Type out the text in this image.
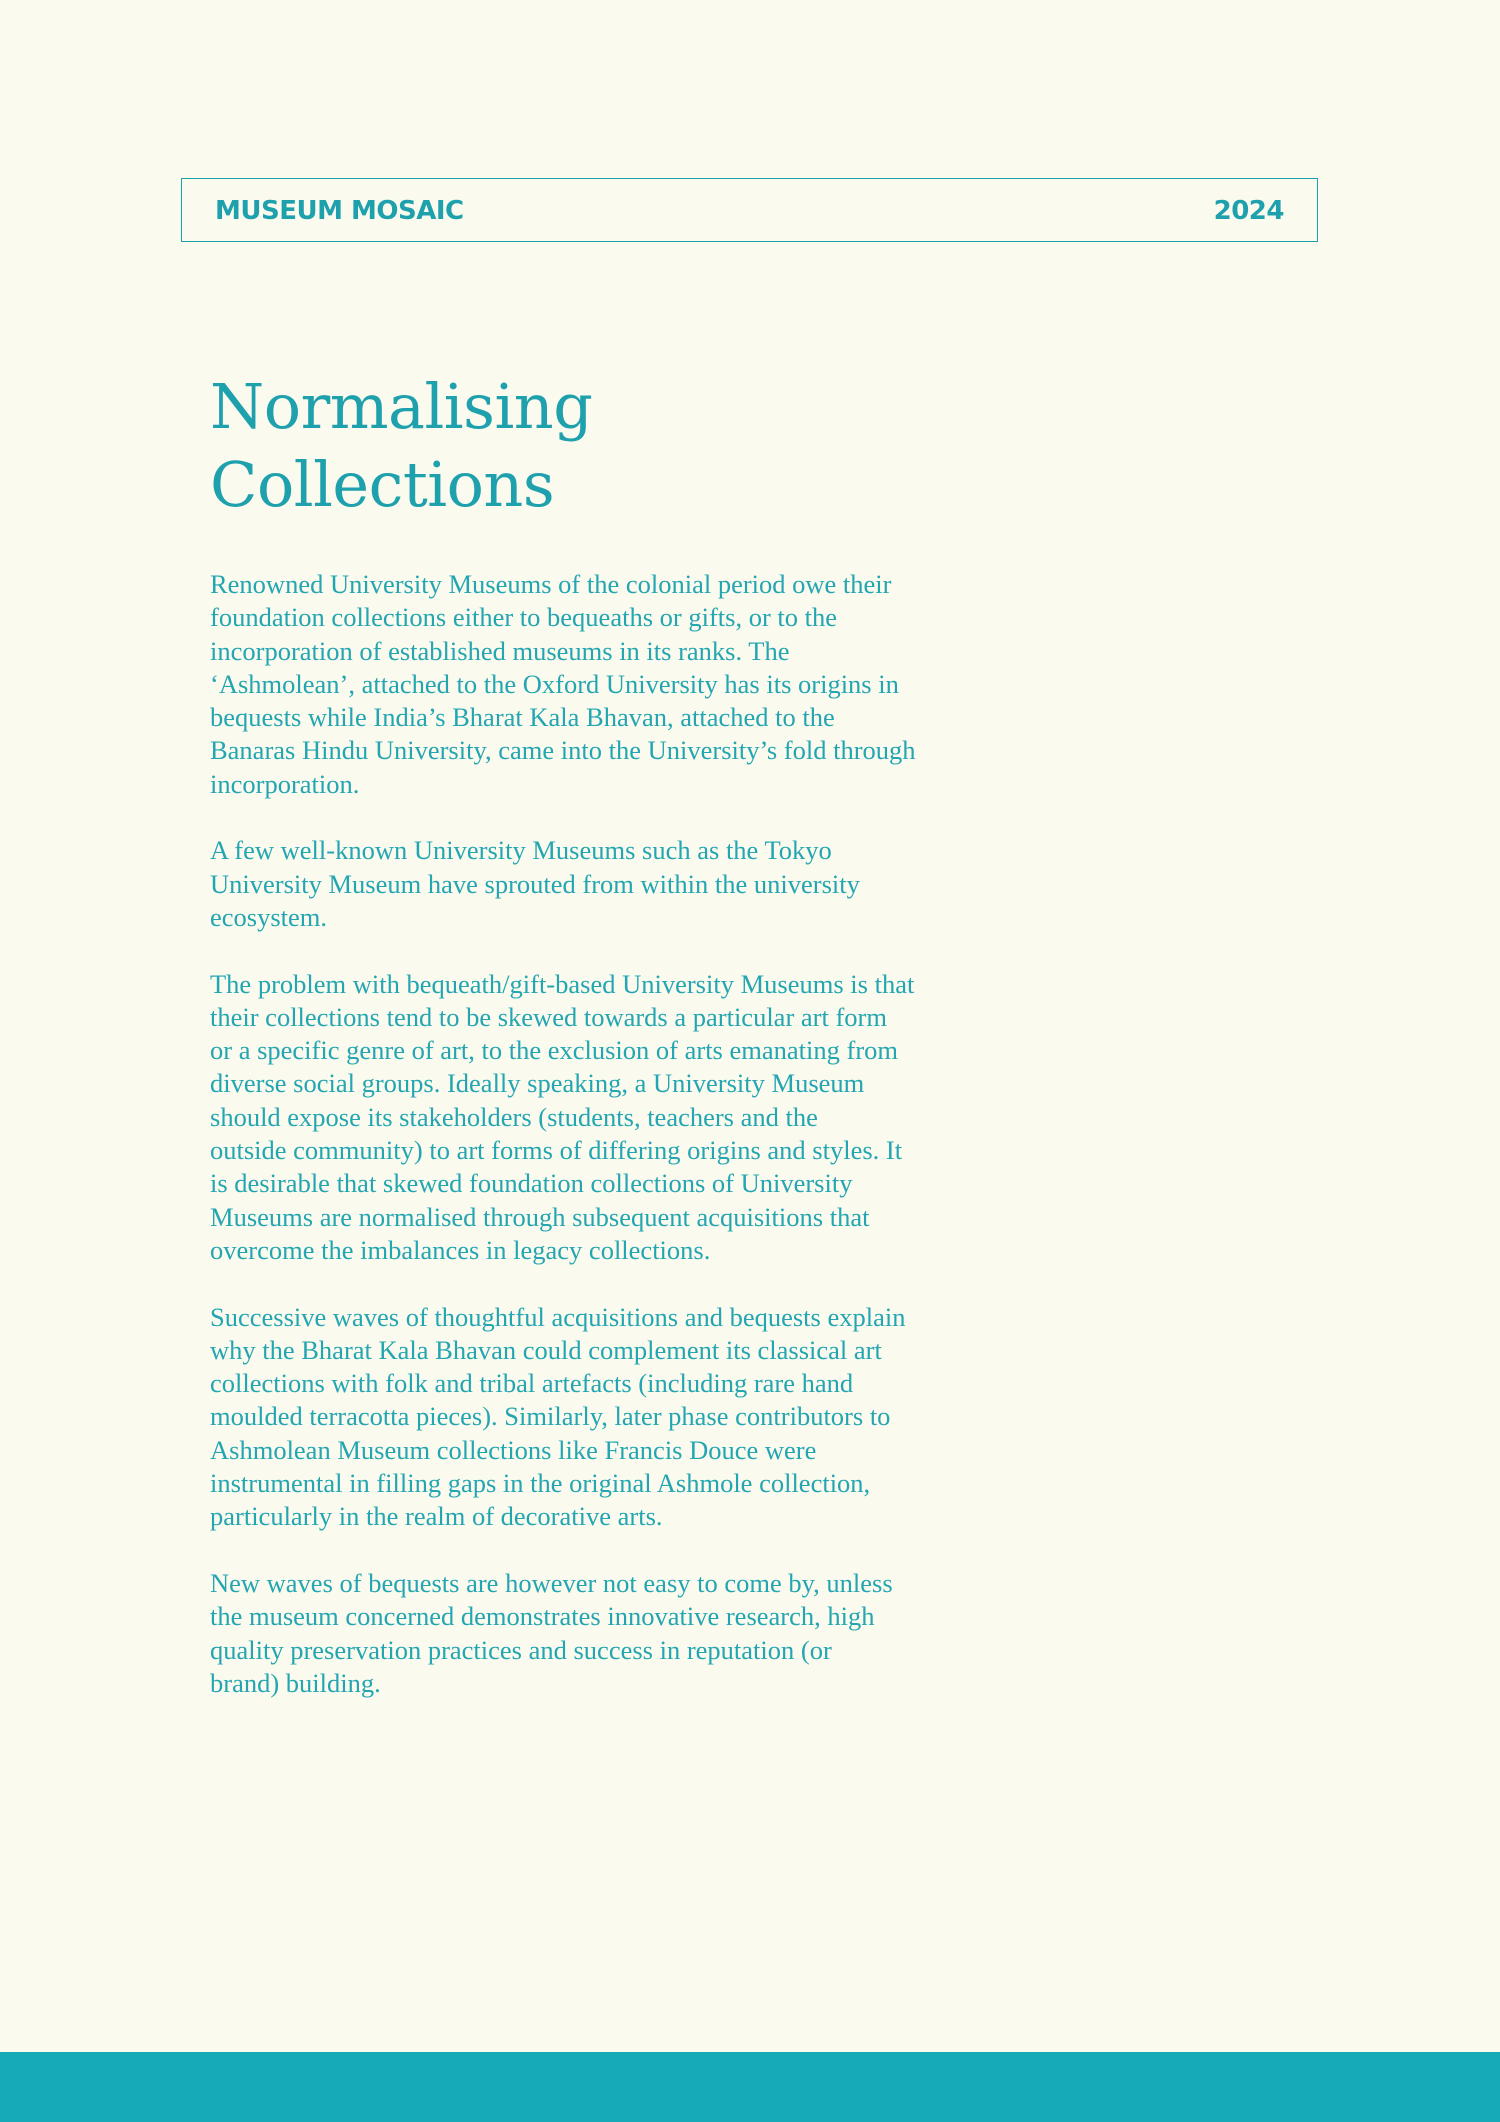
MUSEUM MOSAIC	2024
Normalising
Collections

Renowned University Museums of the colonial period owe their
foundation collections either to bequeaths or gifts, or to the
incorporation of established museums in its ranks. The
‘Ashmolean’, attached to the Oxford University has its origins in
bequests while India’s Bharat Kala Bhavan, attached to the
Banaras Hindu University, came into the University’s fold through
incorporation.

A few well-known University Museums such as the Tokyo
University Museum have sprouted from within the university
ecosystem.

The problem with bequeath/gift-based University Museums is that
their collections tend to be skewed towards a particular art form
or a specific genre of art, to the exclusion of arts emanating from
diverse social groups. Ideally speaking, a University Museum
should expose its stakeholders (students, teachers and the
outside community) to art forms of differing origins and styles. It
is desirable that skewed foundation collections of University
Museums are normalised through subsequent acquisitions that
overcome the imbalances in legacy collections.

Successive waves of thoughtful acquisitions and bequests explain
why the Bharat Kala Bhavan could complement its classical art
collections with folk and tribal artefacts (including rare hand
moulded terracotta pieces). Similarly, later phase contributors to
Ashmolean Museum collections like Francis Douce were
instrumental in filling gaps in the original Ashmole collection,
particularly in the realm of decorative arts.

New waves of bequests are however not easy to come by, unless
the museum concerned demonstrates innovative research, high
quality preservation practices and success in reputation (or
brand) building.
